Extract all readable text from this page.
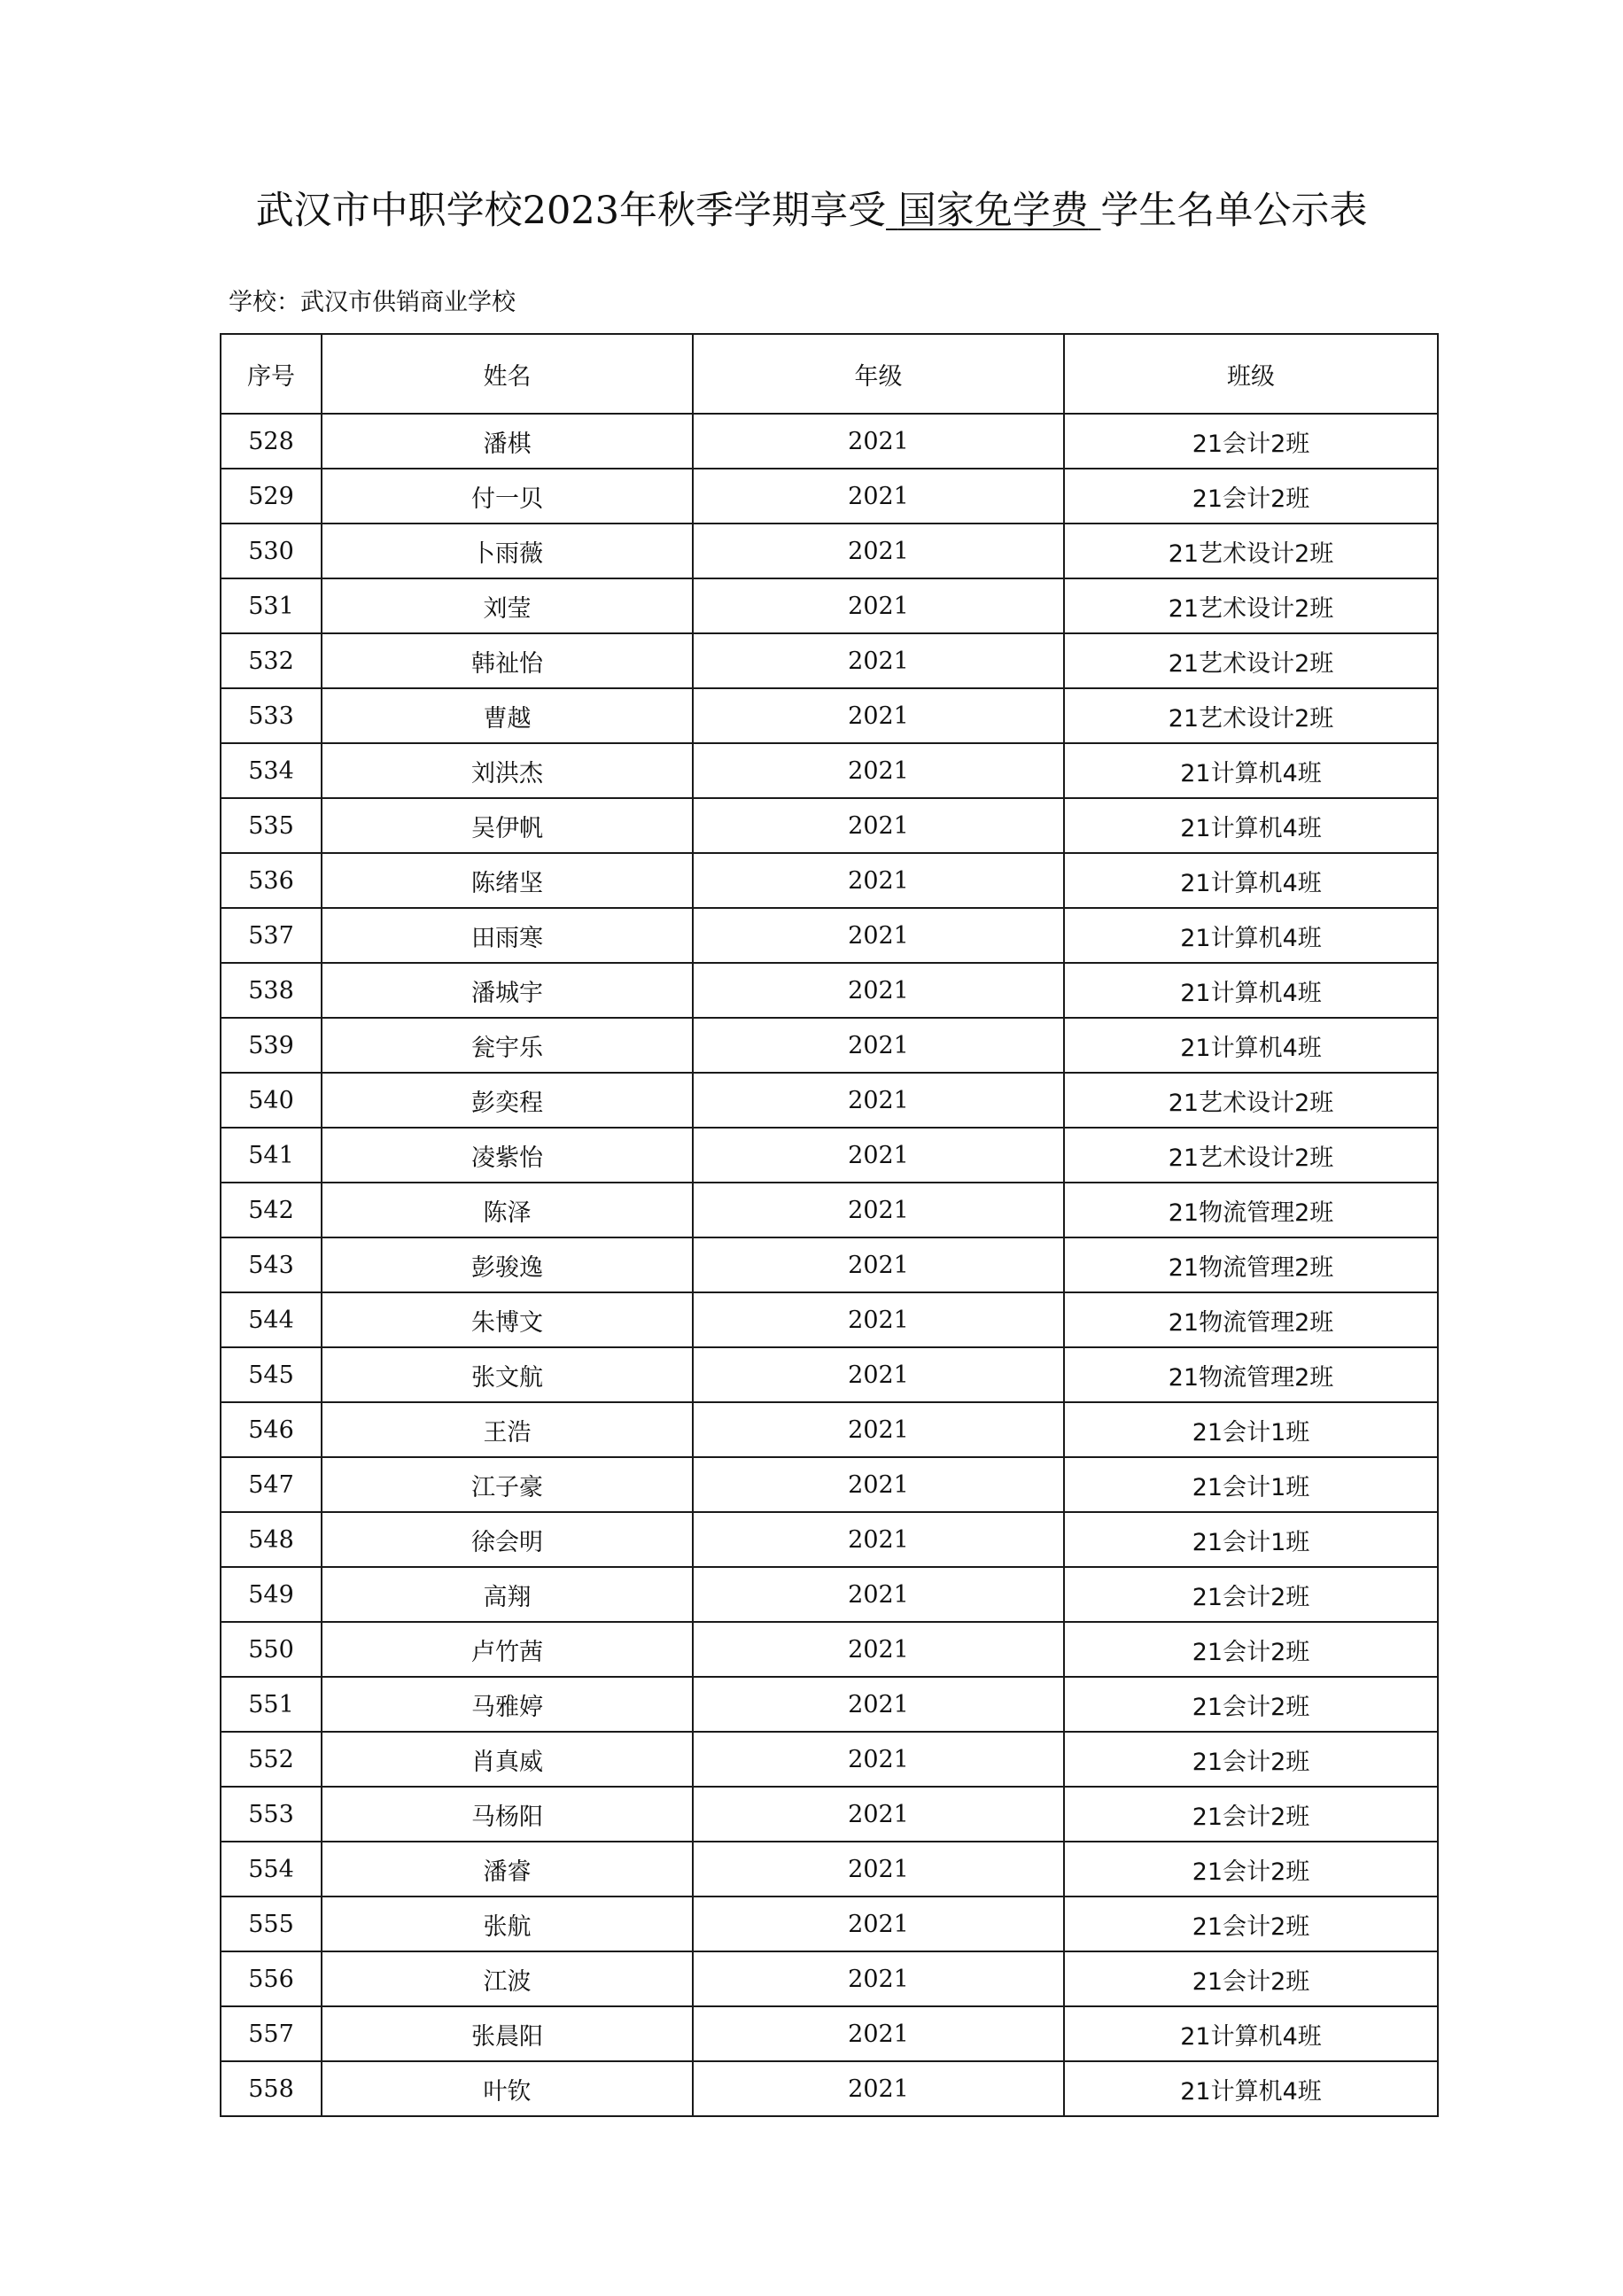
武汉市中职学校2023年秋季学期享受 国家免学费 学生名单公示表
学校：武汉市供销商业学校
序号	姓名	年级	班级
528	潘棋	2021	21会计2班
529	付一贝	2021	21会计2班
530	卜雨薇	2021	21艺术设计2班
531	刘莹	2021	21艺术设计2班
532	韩祉怡	2021	21艺术设计2班
533	曹越	2021	21艺术设计2班
534	刘洪杰	2021	21计算机4班
535	吴伊帆	2021	21计算机4班
536	陈绪坚	2021	21计算机4班
537	田雨寒	2021	21计算机4班
538	潘城宇	2021	21计算机4班
539	瓮宇乐	2021	21计算机4班
540	彭奕程	2021	21艺术设计2班
541	凌紫怡	2021	21艺术设计2班
542	陈泽	2021	21物流管理2班
543	彭骏逸	2021	21物流管理2班
544	朱博文	2021	21物流管理2班
545	张文航	2021	21物流管理2班
546	王浩	2021	21会计1班
547	江子豪	2021	21会计1班
548	徐会明	2021	21会计1班
549	高翔	2021	21会计2班
550	卢竹茜	2021	21会计2班
551	马雅婷	2021	21会计2班
552	肖真威	2021	21会计2班
553	马杨阳	2021	21会计2班
554	潘睿	2021	21会计2班
555	张航	2021	21会计2班
556	江波	2021	21会计2班
557	张晨阳	2021	21计算机4班
558	叶钦	2021	21计算机4班
